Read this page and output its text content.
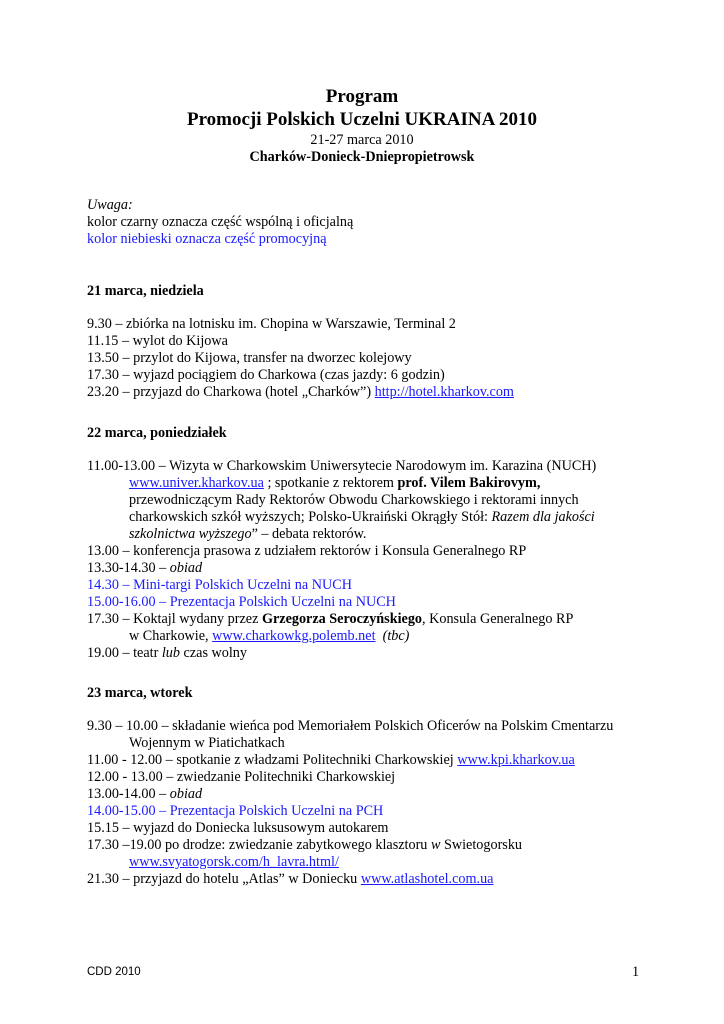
Program
Promocji Polskich Uczelni UKRAINA 2010
21-27 marca 2010
Charków-Donieck-Dniepropietrowsk
Uwaga:
kolor czarny oznacza część wspólną i oficjalną
kolor niebieski oznacza część promocyjną
21 marca, niedziela
9.30 – zbiórka na lotnisku im. Chopina w Warszawie, Terminal 2
11.15 – wylot do Kijowa
13.50 – przylot do Kijowa, transfer na dworzec kolejowy
17.30 – wyjazd pociągiem do Charkowa (czas jazdy: 6 godzin)
23.20 – przyjazd do Charkowa (hotel „Charków”) http://hotel.kharkov.com
22 marca, poniedziałek
11.00-13.00 – Wizyta w Charkowskim Uniwersytecie Narodowym im. Karazina (NUCH)
www.univer.kharkov.ua ; spotkanie z rektorem prof. Vilem Bakirovym,
przewodniczącym Rady Rektorów Obwodu Charkowskiego i rektorami innych
charkowskich szkół wyższych; Polsko-Ukraiński Okrągły Stół: Razem dla jakości
szkolnictwa wyższego” – debata rektorów.
13.00 – konferencja prasowa z udziałem rektorów i Konsula Generalnego RP
13.30-14.30 – obiad
14.30 – Mini-targi Polskich Uczelni na NUCH
15.00-16.00 – Prezentacja Polskich Uczelni na NUCH
17.30 – Koktajl wydany przez Grzegorza Seroczyńskiego, Konsula Generalnego RP
w Charkowie, www.charkowkg.polemb.net (tbc)
19.00 – teatr lub czas wolny
23 marca, wtorek
9.30 – 10.00 – składanie wieńca pod Memoriałem Polskich Oficerów na Polskim Cmentarzu
Wojennym w Piatichatkach
11.00 - 12.00 – spotkanie z władzami Politechniki Charkowskiej www.kpi.kharkov.ua
12.00 - 13.00 – zwiedzanie Politechniki Charkowskiej
13.00-14.00 – obiad
14.00-15.00 – Prezentacja Polskich Uczelni na PCH
15.15 – wyjazd do Doniecka luksusowym autokarem
17.30 –19.00 po drodze: zwiedzanie zabytkowego klasztoru w Swietogorsku
www.svyatogorsk.com/h_lavra.html/
21.30 – przyjazd do hotelu „Atlas” w Doniecku www.atlashotel.com.ua
CDD 2010	1
